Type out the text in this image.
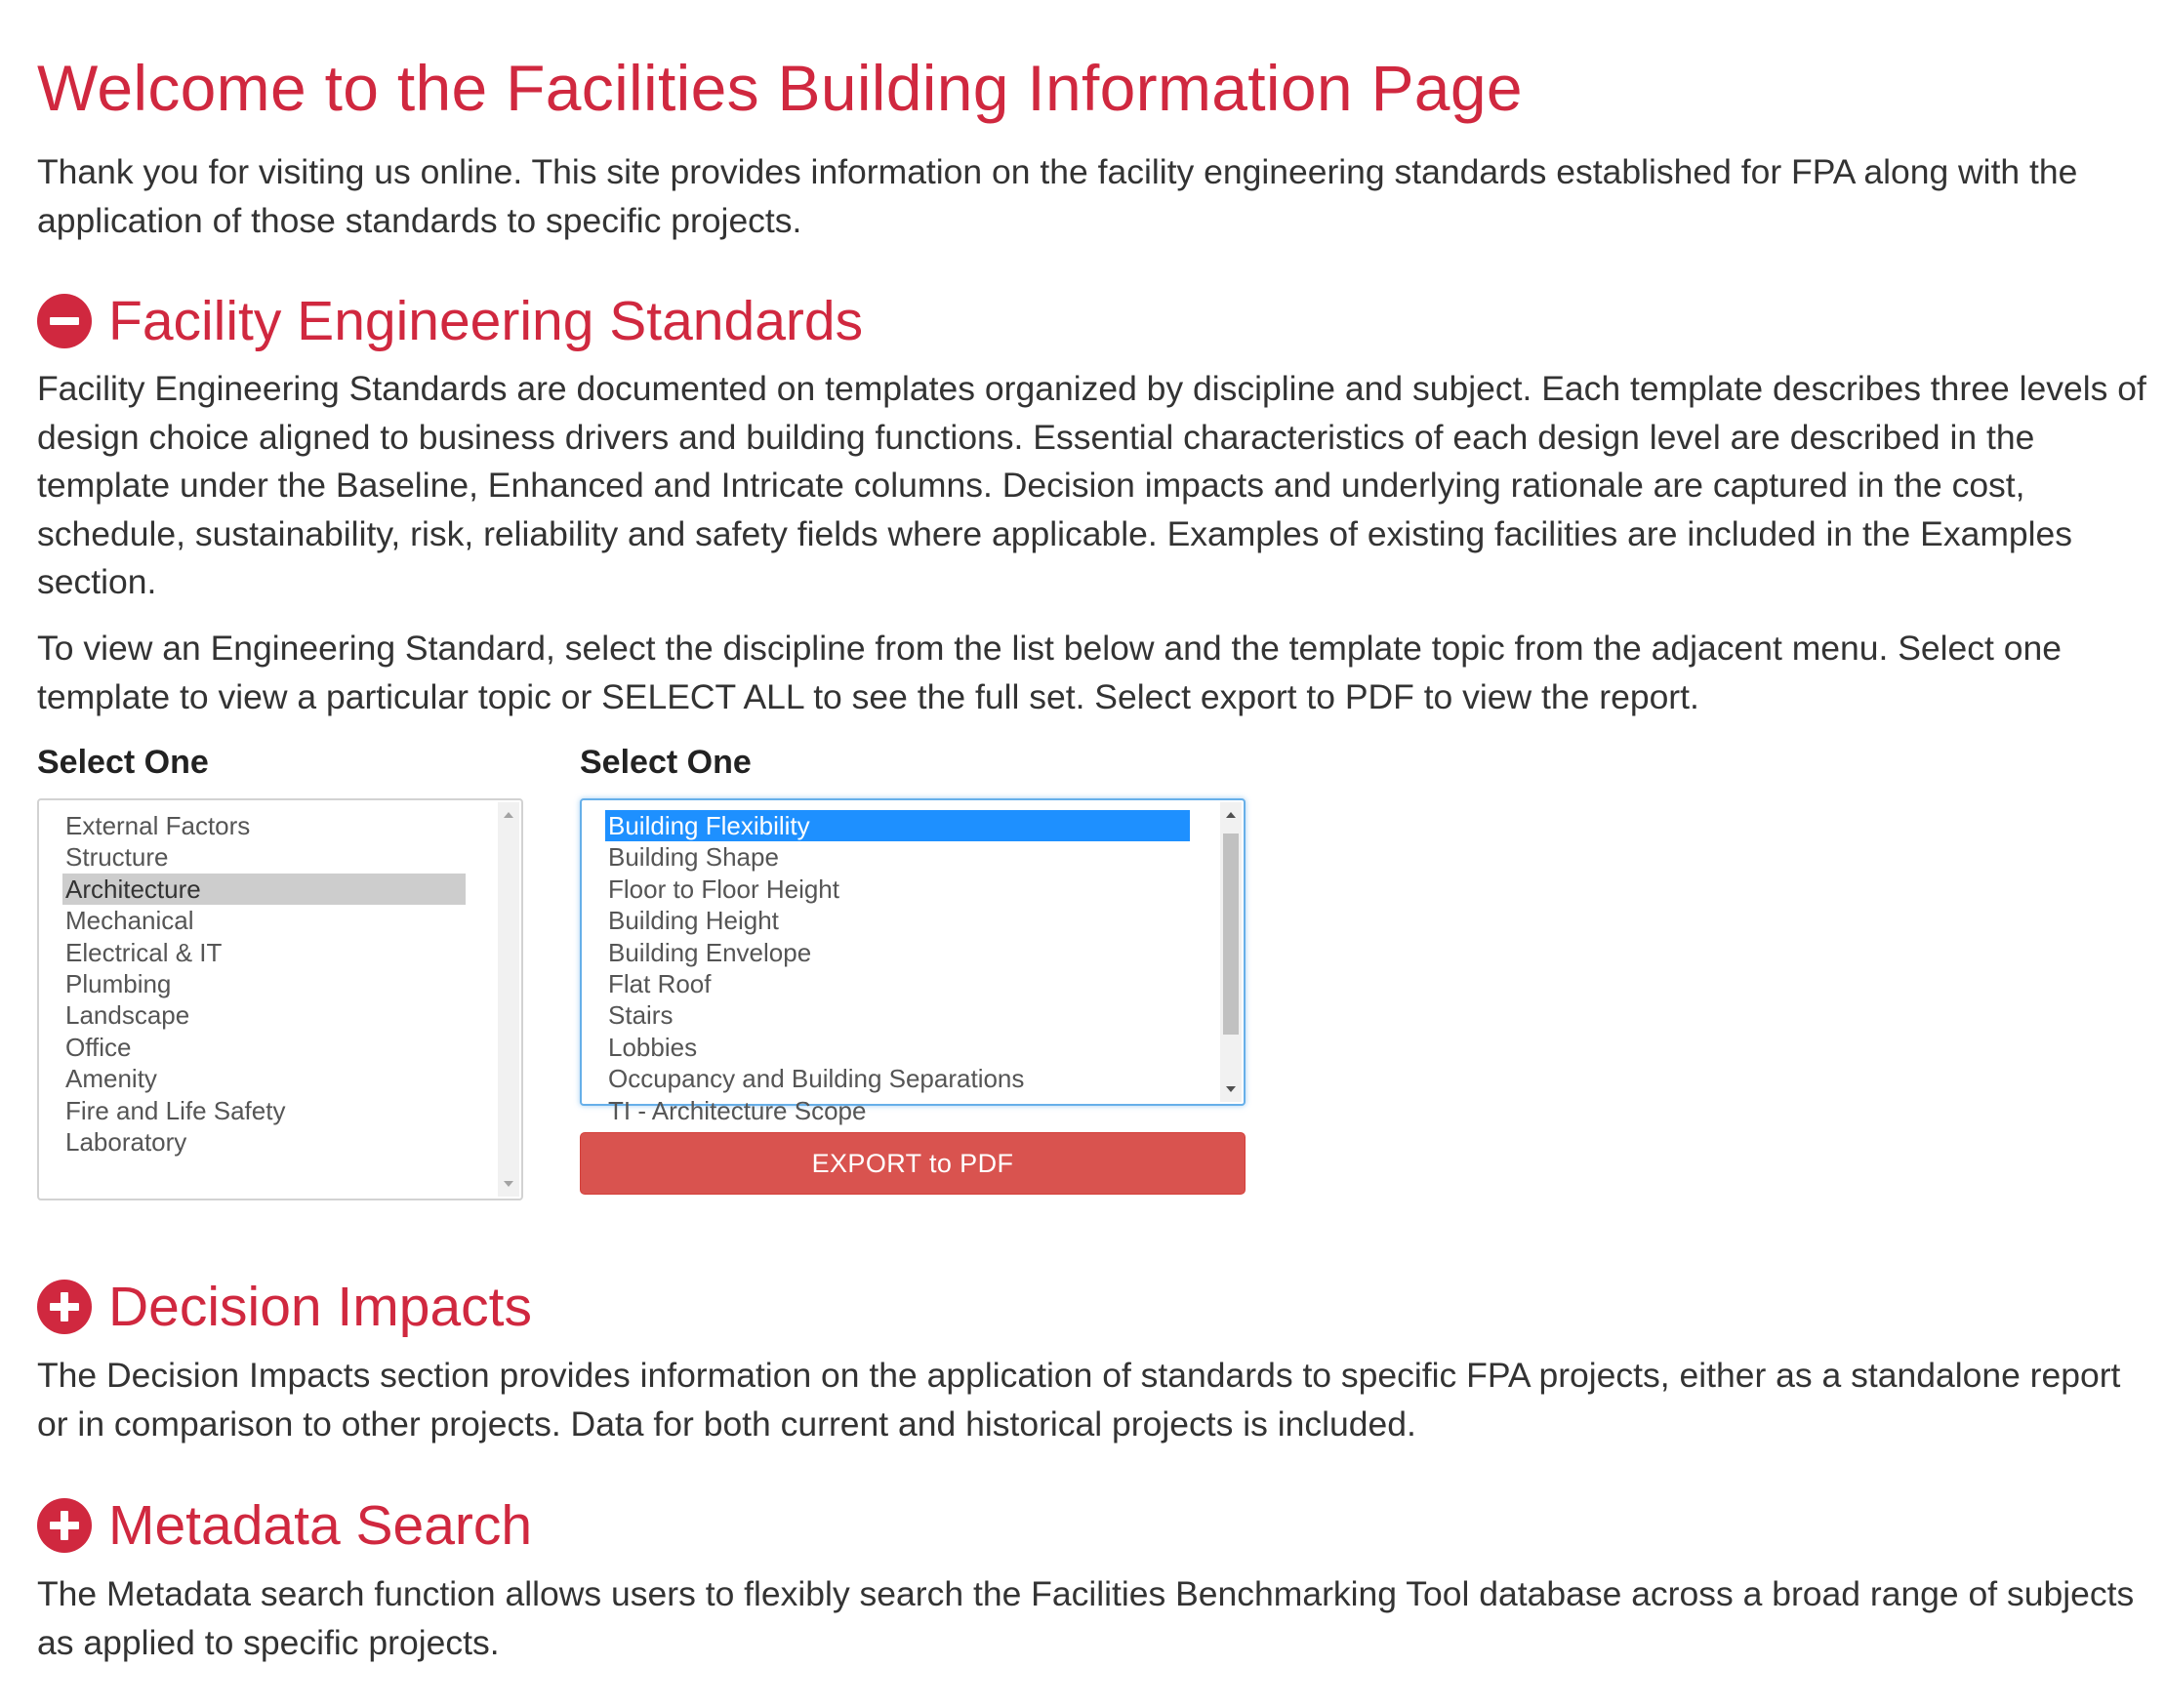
Welcome to the Facilities Building Information Page

Thank you for visiting us online. This site provides information on the facility engineering standards established for FPA along with the application of those standards to specific projects.

Facility Engineering Standards

Facility Engineering Standards are documented on templates organized by discipline and subject. Each template describes three levels of design choice aligned to business drivers and building functions. Essential characteristics of each design level are described in the template under the Baseline, Enhanced and Intricate columns. Decision impacts and underlying rationale are captured in the cost, schedule, sustainability, risk, reliability and safety fields where applicable. Examples of existing facilities are included in the Examples section.

To view an Engineering Standard, select the discipline from the list below and the template topic from the adjacent menu. Select one template to view a particular topic or SELECT ALL to see the full set. Select export to PDF to view the report.

Select One	Select One
External Factors
Structure
Architecture
Mechanical
Electrical & IT
Plumbing
Landscape
Office
Amenity
Fire and Life Safety
Laboratory
Building Flexibility
Building Shape
Floor to Floor Height
Building Height
Building Envelope
Flat Roof
Stairs
Lobbies
Occupancy and Building Separations
TI - Architecture Scope
EXPORT to PDF
Decision Impacts

The Decision Impacts section provides information on the application of standards to specific FPA projects, either as a standalone report or in comparison to other projects. Data for both current and historical projects is included.

Metadata Search

The Metadata search function allows users to flexibly search the Facilities Benchmarking Tool database across a broad range of subjects as applied to specific projects.
